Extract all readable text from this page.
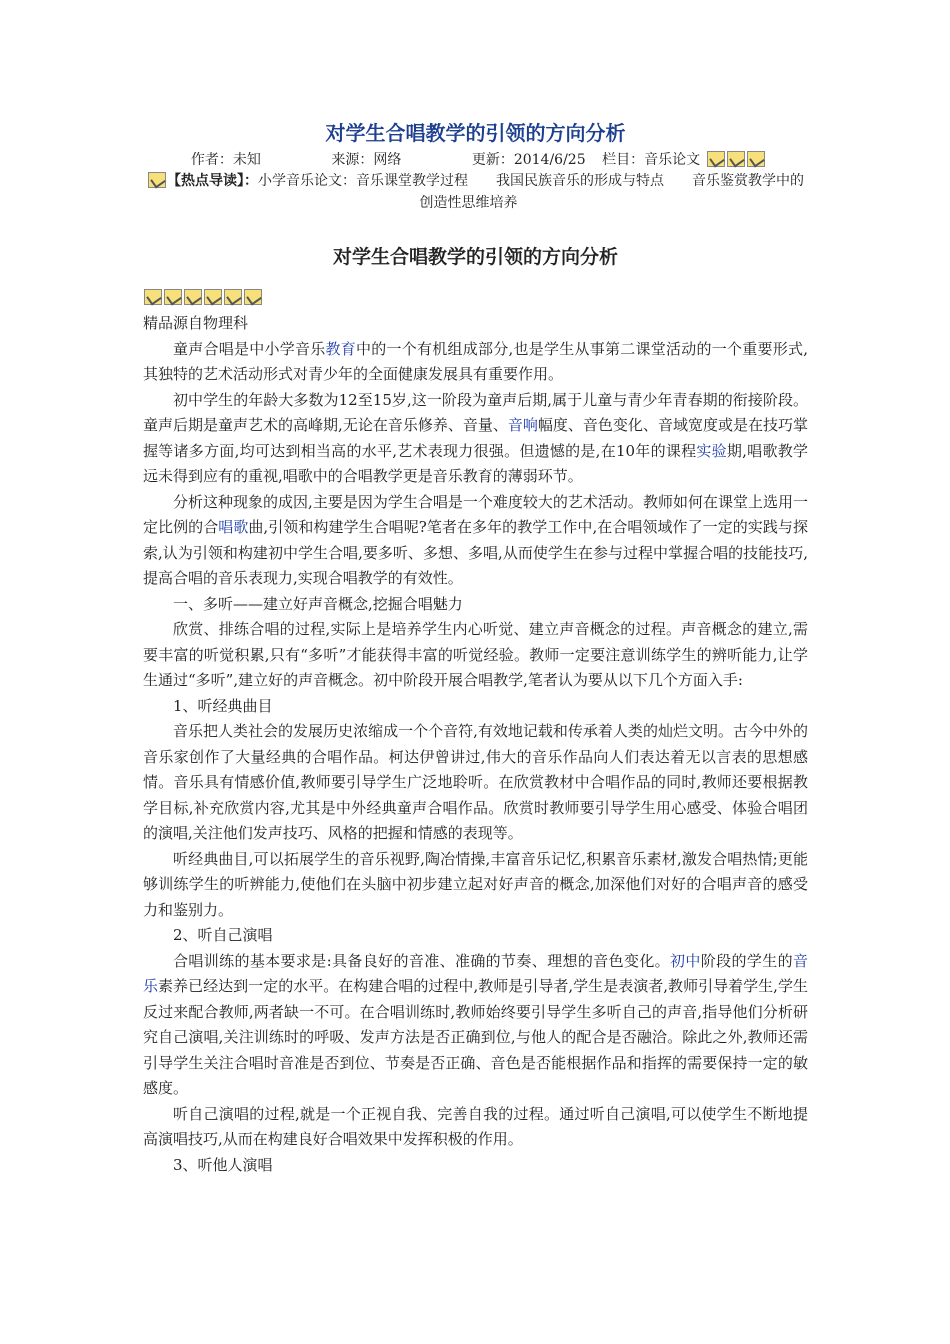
对学生合唱教学的引领的方向分析
作者：未知	来源：网络	更新：2014/6/25 栏目：音乐论文
【热点导读】：小学音乐论文：音乐课堂教学过程 我国民族音乐的形成与特点 音乐鉴赏教学中的创造性思维培养
对学生合唱教学的引领的方向分析

精品源自物理科

童声合唱是中小学音乐教育中的一个有机组成部分,也是学生从事第二课堂活动的一个重要形式,其独特的艺术活动形式对青少年的全面健康发展具有重要作用。

初中学生的年龄大多数为12至15岁,这一阶段为童声后期,属于儿童与青少年青春期的衔接阶段。童声后期是童声艺术的高峰期,无论在音乐修养、音量、音响幅度、音色变化、音域宽度或是在技巧掌握等诸多方面,均可达到相当高的水平,艺术表现力很强。但遗憾的是,在10年的课程实验期,唱歌教学远未得到应有的重视,唱歌中的合唱教学更是音乐教育的薄弱环节。

分析这种现象的成因,主要是因为学生合唱是一个难度较大的艺术活动。教师如何在课堂上选用一定比例的合唱歌曲,引领和构建学生合唱呢?笔者在多年的教学工作中,在合唱领域作了一定的实践与探索,认为引领和构建初中学生合唱,要多听、多想、多唱,从而使学生在参与过程中掌握合唱的技能技巧,提高合唱的音乐表现力,实现合唱教学的有效性。

一、多听——建立好声音概念,挖掘合唱魅力

欣赏、排练合唱的过程,实际上是培养学生内心听觉、建立声音概念的过程。声音概念的建立,需要丰富的听觉积累,只有“多听”才能获得丰富的听觉经验。教师一定要注意训练学生的辨听能力,让学生通过“多听”,建立好的声音概念。初中阶段开展合唱教学,笔者认为要从以下几个方面入手:

1、听经典曲目

音乐把人类社会的发展历史浓缩成一个个音符,有效地记载和传承着人类的灿烂文明。古今中外的音乐家创作了大量经典的合唱作品。柯达伊曾讲过,伟大的音乐作品向人们表达着无以言表的思想感情。音乐具有情感价值,教师要引导学生广泛地聆听。在欣赏教材中合唱作品的同时,教师还要根据教学目标,补充欣赏内容,尤其是中外经典童声合唱作品。欣赏时教师要引导学生用心感受、体验合唱团的演唱,关注他们发声技巧、风格的把握和情感的表现等。

听经典曲目,可以拓展学生的音乐视野,陶冶情操,丰富音乐记忆,积累音乐素材,激发合唱热情;更能够训练学生的听辨能力,使他们在头脑中初步建立起对好声音的概念,加深他们对好的合唱声音的感受力和鉴别力。

2、听自己演唱

合唱训练的基本要求是:具备良好的音准、准确的节奏、理想的音色变化。初中阶段的学生的音乐素养已经达到一定的水平。在构建合唱的过程中,教师是引导者,学生是表演者,教师引导着学生,学生反过来配合教师,两者缺一不可。在合唱训练时,教师始终要引导学生多听自己的声音,指导他们分析研究自己演唱,关注训练时的呼吸、发声方法是否正确到位,与他人的配合是否融洽。除此之外,教师还需引导学生关注合唱时音准是否到位、节奏是否正确、音色是否能根据作品和指挥的需要保持一定的敏感度。

听自己演唱的过程,就是一个正视自我、完善自我的过程。通过听自己演唱,可以使学生不断地提高演唱技巧,从而在构建良好合唱效果中发挥积极的作用。

3、听他人演唱
